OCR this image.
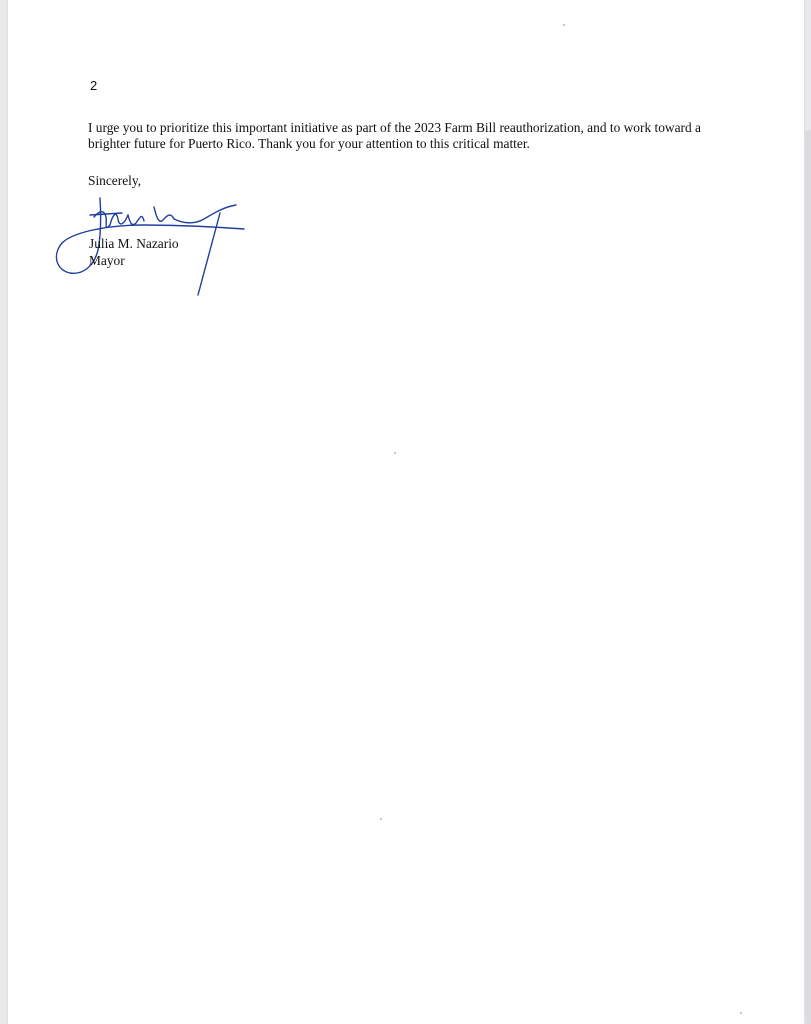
2

I urge you to prioritize this important initiative as part of the 2023 Farm Bill reauthorization, and to work toward a brighter future for Puerto Rico. Thank you for your attention to this critical matter.

Sincerely,

Julia M. Nazario

Mayor
